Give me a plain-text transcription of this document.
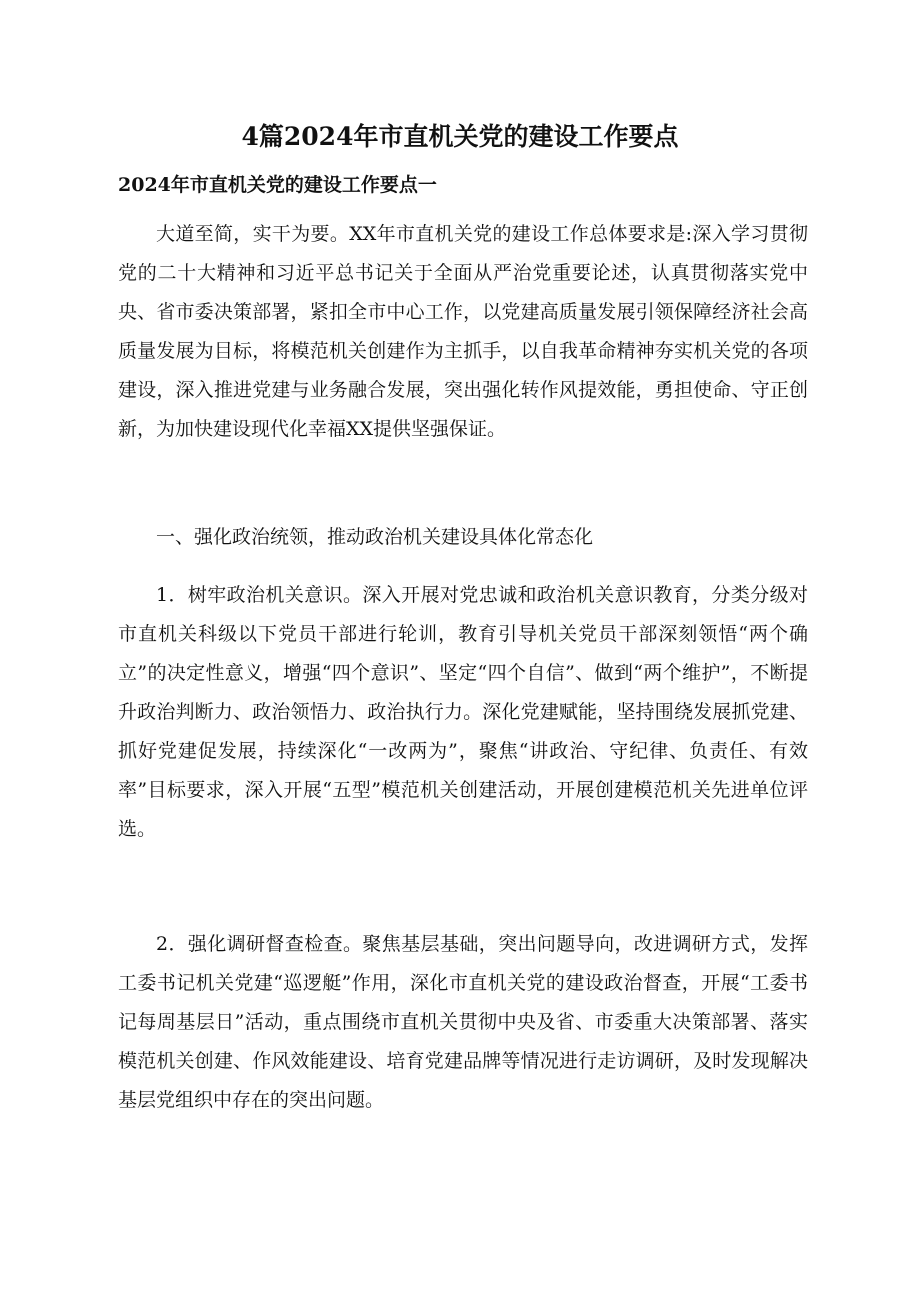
4篇2024年市直机关党的建设工作要点
2024年市直机关党的建设工作要点一

大道至简，实干为要。XX年市直机关党的建设工作总体要求是:深入学习贯彻党的二十大精神和习近平总书记关于全面从严治党重要论述，认真贯彻落实党中央、省市委决策部署，紧扣全市中心工作，以党建高质量发展引领保障经济社会高质量发展为目标，将模范机关创建作为主抓手，以自我革命精神夯实机关党的各项建设，深入推进党建与业务融合发展，突出强化转作风提效能，勇担使命、守正创新，为加快建设现代化幸福XX提供坚强保证。

一、强化政治统领，推动政治机关建设具体化常态化

1．树牢政治机关意识。深入开展对党忠诚和政治机关意识教育，分类分级对市直机关科级以下党员干部进行轮训，教育引导机关党员干部深刻领悟“两个确立”的决定性意义，增强“四个意识”、坚定“四个自信”、做到“两个维护”，不断提升政治判断力、政治领悟力、政治执行力。深化党建赋能，坚持围绕发展抓党建、抓好党建促发展，持续深化“一改两为”，聚焦“讲政治、守纪律、负责任、有效率”目标要求，深入开展“五型”模范机关创建活动，开展创建模范机关先进单位评选。

2．强化调研督查检查。聚焦基层基础，突出问题导向，改进调研方式，发挥工委书记机关党建“巡逻艇”作用，深化市直机关党的建设政治督查，开展“工委书记每周基层日”活动，重点围绕市直机关贯彻中央及省、市委重大决策部署、落实模范机关创建、作风效能建设、培育党建品牌等情况进行走访调研，及时发现解决基层党组织中存在的突出问题。
